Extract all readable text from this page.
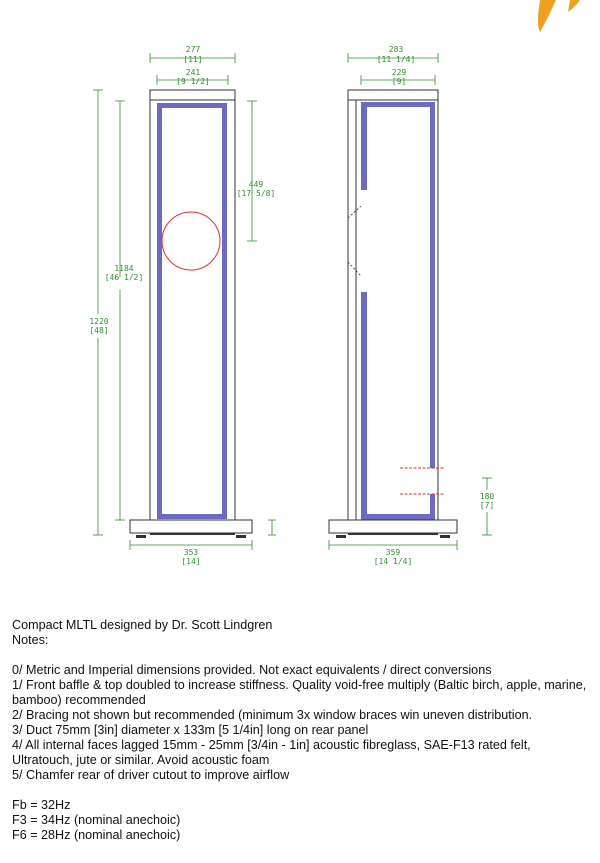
277
[11]
241
[9 1/2]
449
[17 5/8]
1184
[46 1/2]
1220
[48]
353
[14]
283
[11 1/4]
229
[9]
180
[7]
359
[14 1/4]

Compact MLTL designed by Dr. Scott Lindgren

Notes:

0/ Metric and Imperial dimensions provided. Not exact equivalents / direct conversions

1/ Front baffle & top doubled to increase stiffness. Quality void-free multiply (Baltic birch, apple, marine, bamboo) recommended

2/ Bracing not shown but recommended (minimum 3x window braces win uneven distribution.

3/ Duct 75mm [3in] diameter x 133m [5 1/4in] long on rear panel

4/ All internal faces lagged 15mm - 25mm [3/4in - 1in] acoustic fibreglass, SAE-F13 rated felt, Ultratouch, jute or similar. Avoid acoustic foam

5/ Chamfer rear of driver cutout to improve airflow

Fb = 32Hz

F3 = 34Hz (nominal anechoic)

F6 = 28Hz (nominal anechoic)
